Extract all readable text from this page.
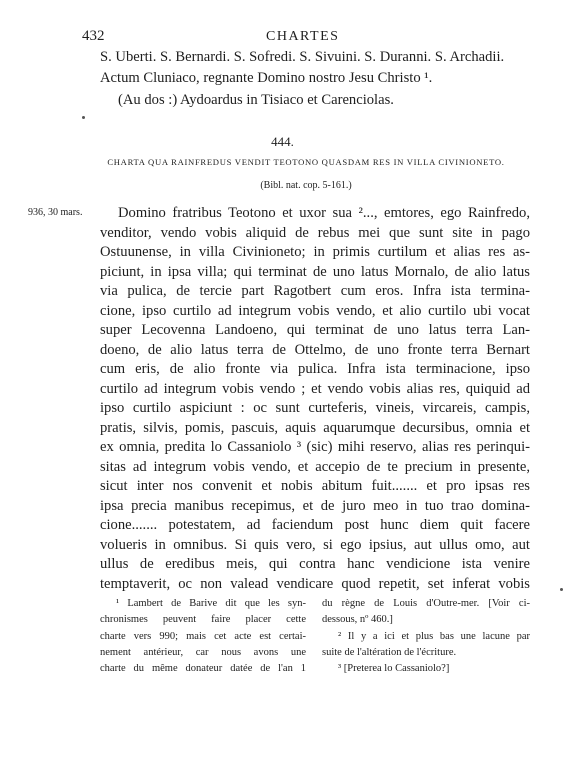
432	CHARTES
S. Uberti. S. Bernardi. S. Sofredi. S. Sivuini. S. Duranni. S. Archadii.
Actum Cluniaco, regnante Domino nostro Jesu Christo ¹.
(Au dos :) Aydoardus in Tisiaco et Carenciolas.
444.
CHARTA QUA RAINFREDUS VENDIT TEOTONO QUASDAM RES IN VILLA CIVINIONETO.
(Bibl. nat. cop. 5-161.)
936, 30 mars.	Domino fratribus Teotono et uxor sua ²..., emtores, ego Rainfredo,
venditor, vendo vobis aliquid de rebus mei que sunt site in pago
Ostuunense, in villa Civinioneto; in primis curtilum et alias res as-
piciunt, in ipsa villa; qui terminat de uno latus Mornalo, de alio latus
via pulica, de tercie part Ragotbert cum eros. Infra ista termina-
cione, ipso curtilo ad integrum vobis vendo, et alio curtilo ubi vocat
super Lecovenna Landoeno, qui terminat de uno latus terra Lan-
doeno, de alio latus terra de Ottelmo, de uno fronte terra Bernart
cum eris, de alio fronte via pulica. Infra ista terminacione, ipso
curtilo ad integrum vobis vendo ; et vendo vobis alias res, quiquid ad
ipso curtilo aspiciunt : oc sunt curteferis, vineis, vircareis, campis,
pratis, silvis, pomis, pascuis, aquis aquarumque decursibus, omnia et
ex omnia, predita lo Cassaniolo ³ (sic) mihi reservo, alias res perinqui-
sitas ad integrum vobis vendo, et accepio de te precium in presente,
sicut inter nos convenit et nobis abitum fuit....... et pro ipsas res
ipsa precia manibus recepimus, et de juro meo in tuo trao domina-
cione....... potestatem, ad faciendum post hunc diem quit facere
volueris in omnibus. Si quis vero, si ego ipsius, aut ullus omo, aut
ullus de eredibus meis, qui contra hanc vendicione ista venire
temptaverit, oc non valead vendicare quod repetit, set inferat vobis
¹ Lambert de Barive dit que les syn-
chronismes peuvent faire placer cette
charte vers 990; mais cet acte est certai-
nement antérieur, car nous avons une
charte du même donateur datée de l'an 1
du règne de Louis d'Outre-mer. [Voir ci-
dessous, nº 460.]
² Il y a ici et plus bas une lacune par
suite de l'altération de l'écriture.
³ [Preterea lo Cassaniolo?]
